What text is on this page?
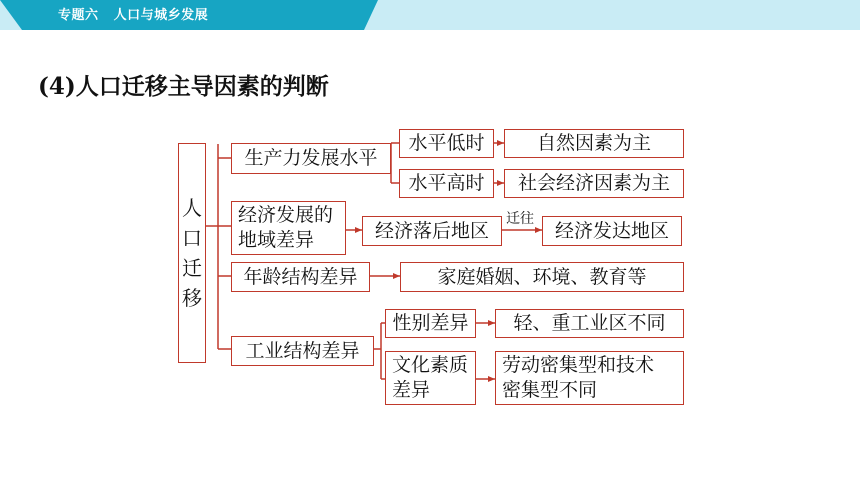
专题六   人口与城乡发展
(4)人口迁移主导因素的判断
人
口
迁
移
生产力发展水平
经济发展的
地域差异
年龄结构差异
工业结构差异
水平低时
水平高时
经济落后地区
迁往
经济发达地区
家庭婚姻、环境、教育等
性别差异
文化素质
差异
自然因素为主
社会经济因素为主
轻、重工业区不同
劳动密集型和技术
密集型不同
